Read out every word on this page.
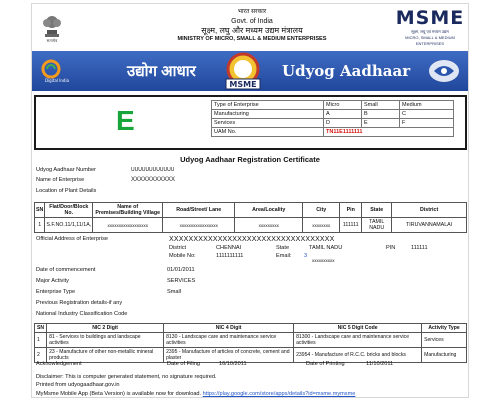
सत्यमेव
भारत सरकार
Govt. of India
सूक्ष्म, लघु और मध्यम उद्यम मंत्रालय
MINISTRY OF MICRO, SMALL & MEDIUM ENTERPRISES
MSME
सूक्ष्म, लघु एवं मध्यम उद्यम
MICRO, SMALL & MEDIUM ENTERPRISES
Digital India
उद्योग आधार
MSME
Udyog Aadhaar
E	Type of Enterprise	Micro	Small	Medium
Manufacturing	A	B	C
Services	D	E	F
UAM No.	TN11E1111111		
Udyog Aadhaar Registration Certificate
Udyog Aadhaar Number	UUUUUUUUUUUU
Name of Enterprise	XXXXXXXXXXX
Location of Plant Details
SN	Flat/Door/Block No.	Name of Premises/Building Village	Road/Street/ Lane	Area/Locality	City	Pin	State	District
1	S.F.NO.11/1,11/1A,	xxxxxxxxxxxxxxxxxx	xxxxxxxxxxxxxxxxx	xxxxxxxxx	xxxxxxxx	111111	TAMIL NADU	TIRUVANNAMALAI
Official Address of Enterprise	XXXXXXXXXXXXXXXXXXXXXXXXXXXXXXXXXX
District	CHENNAI	State	TAMIL NADU	PIN	111111
Mobile No:	1111111111	Email: 3
xxxxxxxxxx
Date of commencement	01/01/2011
Major Activity	SERVICES
Enterprise Type	Small
Previous Registration details-if any
National Industry Classification Code
SN	NIC 2 Digit	NIC 4 Digit	NIC 5 Digit Code	Activity Type
1	81 - Services to buildings and landscape activities	8130 - Landscape care and maintenance service activities	81300 - Landscape care and maintenance service activities	Services
2	23 - Manufacture of other non-metallic mineral products	2395 - Manufacture of articles of concrete, cement and plaster	23954 - Manufacture of R.C.C. bricks and blocks	Manufacturing
Acknowledgement	Date of Filing	16/10/2011	Date of Printing	11/10/2011
Disclaimer: This is computer generated statement, no signature required.
Printed from udyogaadhaar.gov.in
MyMsme Mobile App (Beta Version) is available now for download. https://play.google.com/store/apps/details?id=msme.mymsme
